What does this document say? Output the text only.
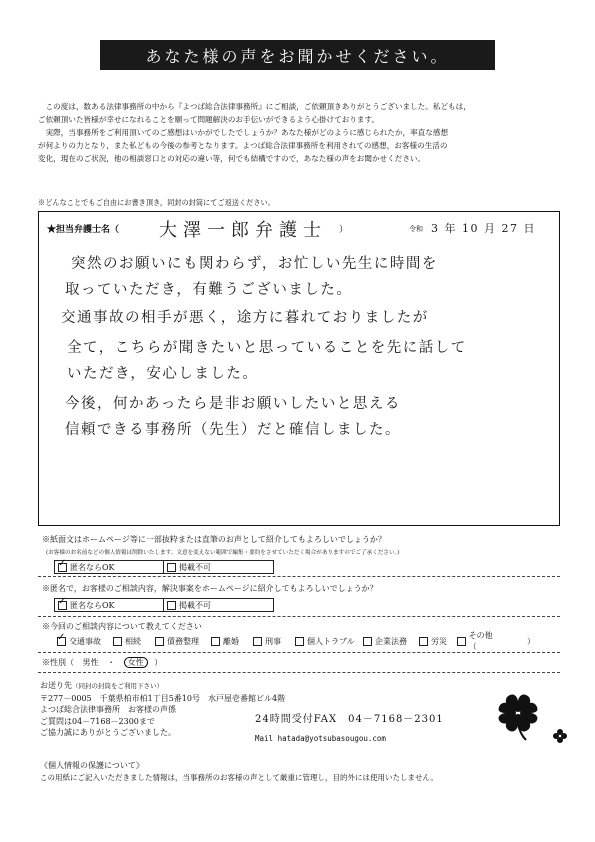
あなた様の声をお聞かせください。
この度は，数ある法律事務所の中から『よつば総合法律事務所』にご相談，ご依頼頂きありがとうございました。私どもは，
ご依頼頂いた皆様が幸せになれることを願って問題解決のお手伝いができるよう心掛けております。
実際，当事務所をご利用頂いてのご感想はいかがでしたでしょうか？あなた様がどのように感じられたか，率直な感想
が何よりの力となり，また私どもの今後の参考となります。よつば総合法律事務所を利用されての感想，お客様の生活の
変化，現在のご状況，他の相談窓口との対応の違い等，何でも結構ですので，あなた様の声をお聞かせください。
※どんなことでもご自由にお書き頂き，同封の封筒にてご返送ください。
★担当弁護士名（ 大澤一郎弁護士 ）	令和 3 年 10 月 27 日
突然のお願いにも関わらず，お忙しい先生に時間を
取っていただき，有難うございました。
交通事故の相手が悪く，途方に暮れておりましたが
全て，こちらが聞きたいと思っていることを先に話して
いただき，安心しました。
今後，何かあったら是非お願いしたいと思える
信頼できる事務所（先生）だと確信しました。
※紙面文はホームページ等に一部抜粋または直筆のお声として紹介してもよろしいでしょうか？
(お客様のお名前などの個人情報は削除いたします。文意を変えない範囲で編集・要約をさせていただく場合がありますのでご了承ください。)
✓
匿名ならOK	掲載不可
※匿名で，お客様のご相談内容，解決事案をホームページに紹介してもよろしいでしょうか？
✓
匿名ならOK	掲載不可
※今回のご相談内容について教えてください
✓
交通事故	相続	債務整理	離婚	刑事	個人トラブル	企業法務	労災
その他（
）
※性別（ 男性 ・ 女性 ）
お送り先（同封の封筒をご利用下さい）
〒277－0005　千葉県柏市柏1丁目5番10号　水戸屋壱番館ビル4階
よつば総合法律事務所　お客様の声係
ご質問は04－7168－2300まで
ご協力誠にありがとうございました。
24時間受付FAX　04－7168－2301
Mail hatada@yotsubasougou.com
《個人情報の保護について》
この用紙にご記入いただきました情報は，当事務所のお客様の声として厳重に管理し，目的外には使用いたしません。
